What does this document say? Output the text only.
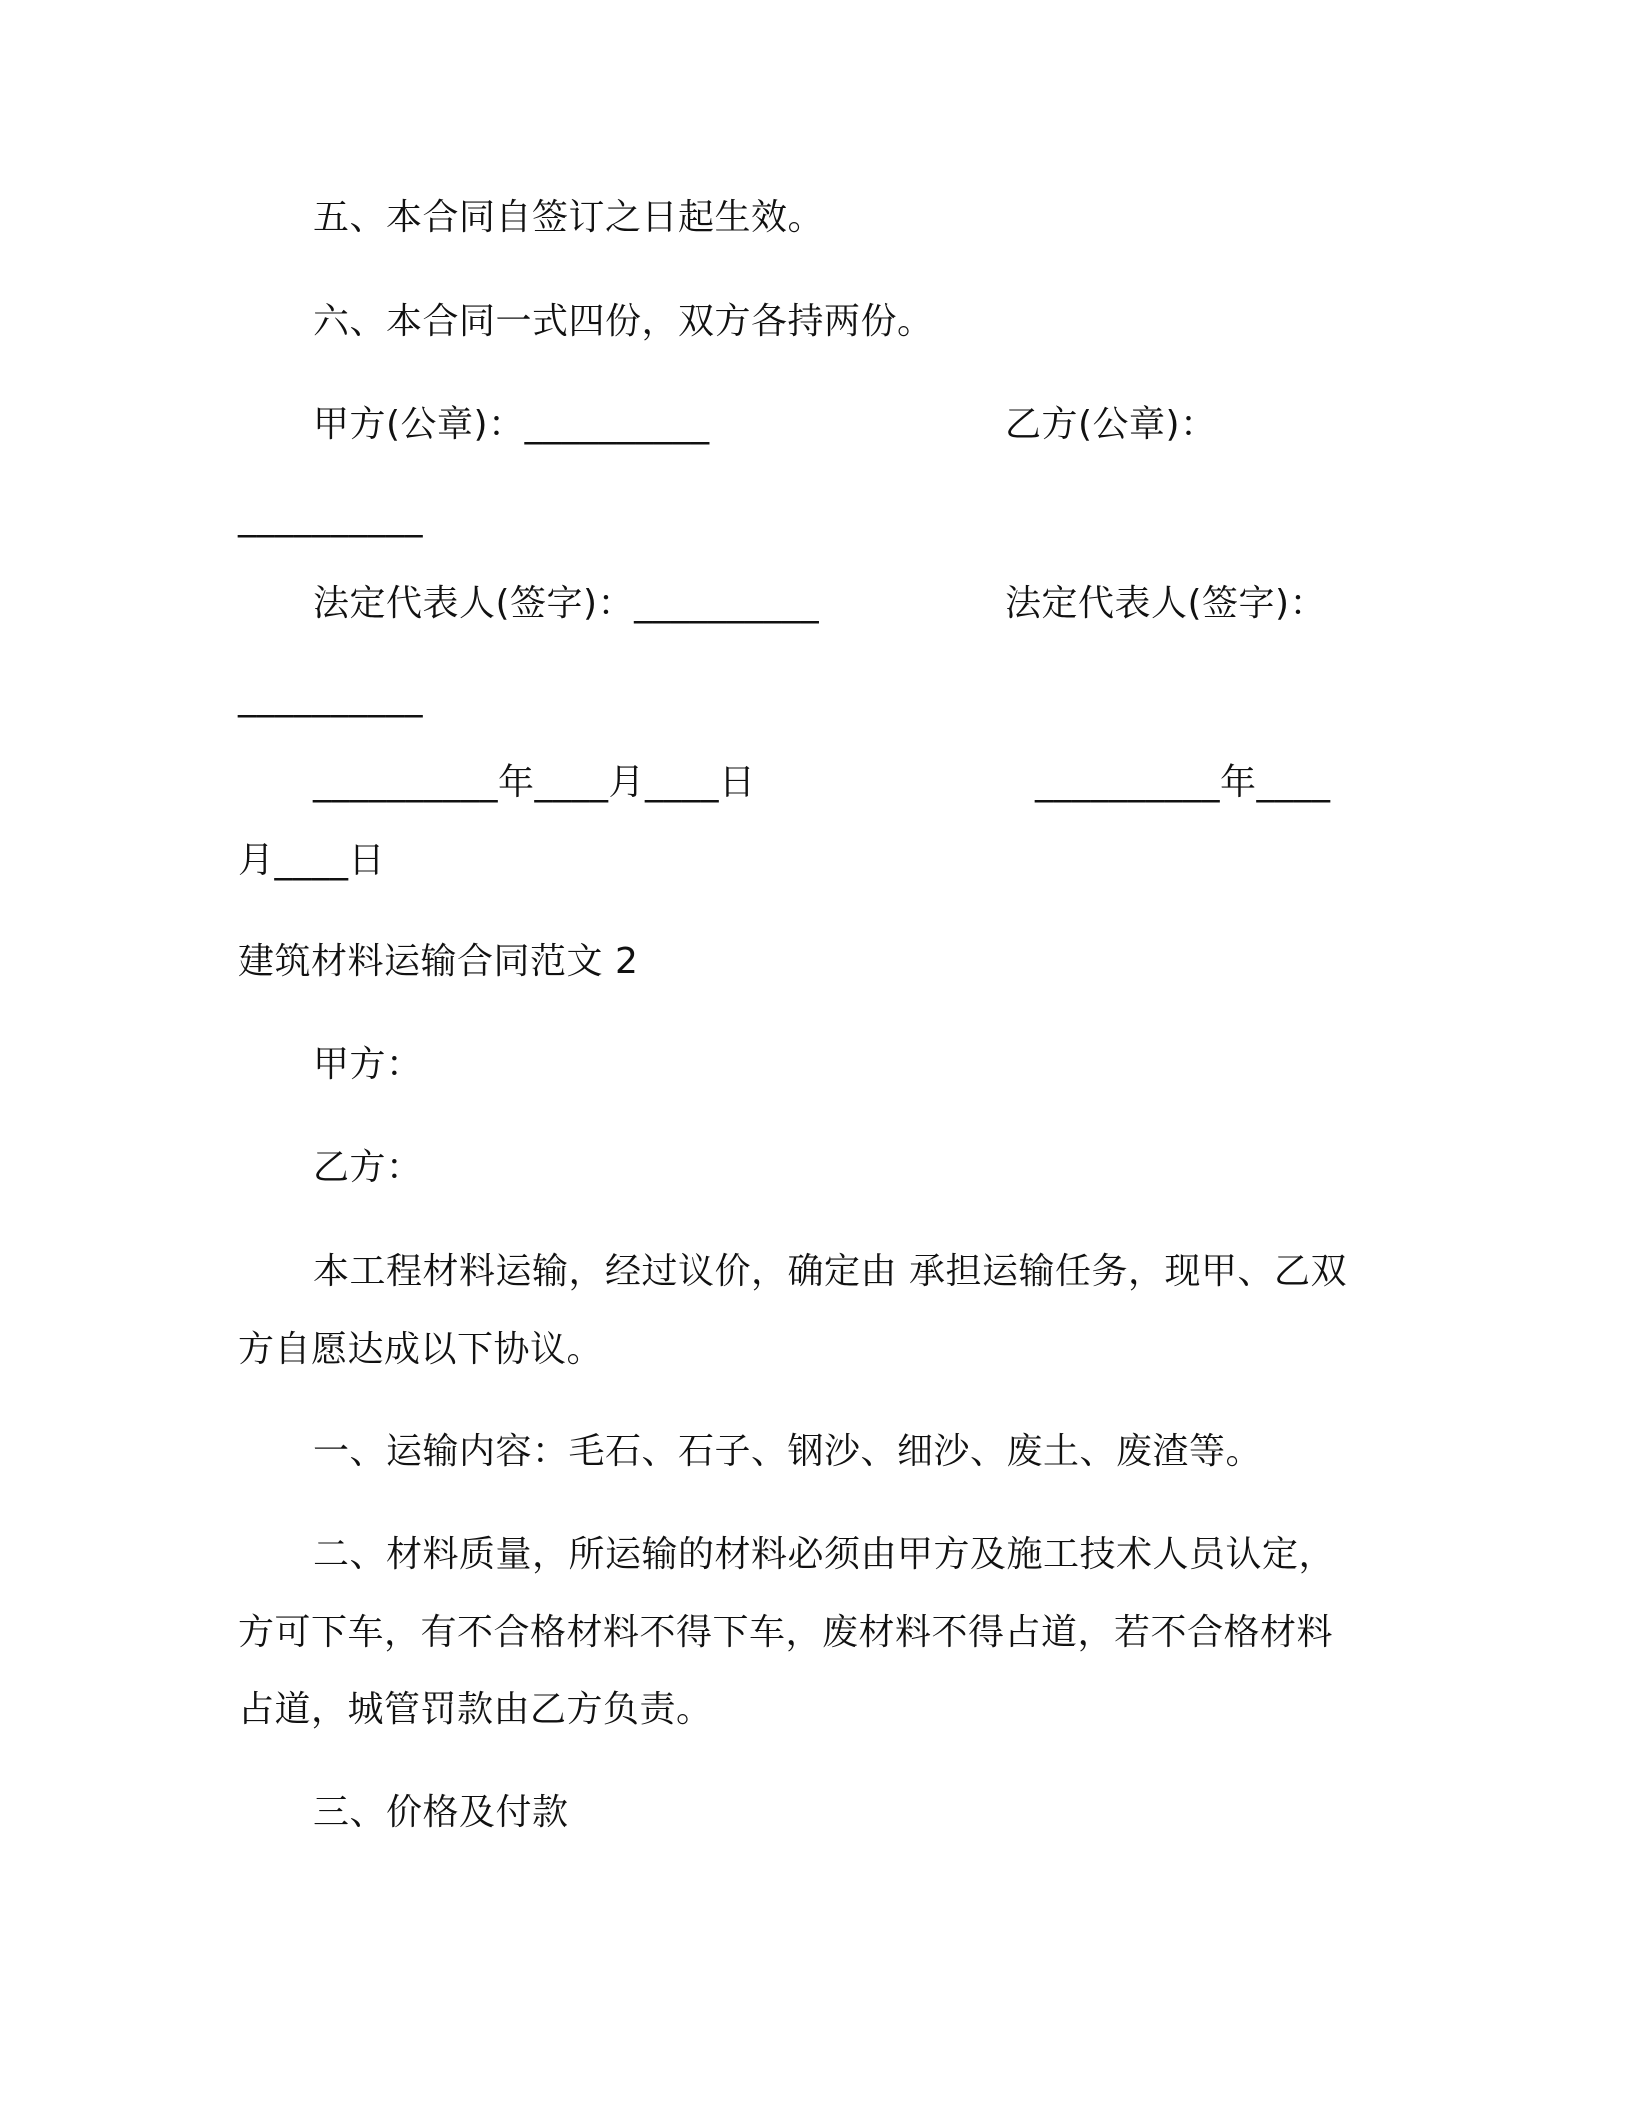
五、本合同自签订之日起生效。
六、本合同一式四份，双方各持两份。
甲方(公章)：__________	乙方(公章)：
__________
法定代表人(签字)：__________	法定代表人(签字)：
__________
__________年____月____日	__________年____
月____日
建筑材料运输合同范文 2
甲方：
乙方：
本工程材料运输，经过议价，确定由 承担运输任务，现甲、乙双
方自愿达成以下协议。
一、运输内容：毛石、石子、钢沙、细沙、废土、废渣等。
二、材料质量，所运输的材料必须由甲方及施工技术人员认定，
方可下车，有不合格材料不得下车，废材料不得占道，若不合格材料
占道，城管罚款由乙方负责。
三、价格及付款
